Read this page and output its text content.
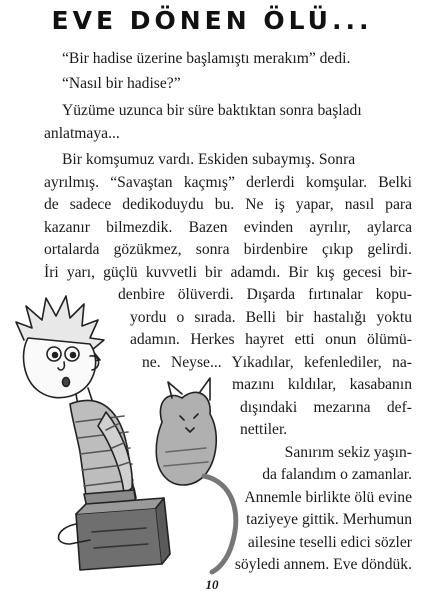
EVE DÖNEN ÖLÜ...

“Bir hadise üzerine başlamıştı merakım” dedi.

“Nasıl bir hadise?”

Yüzüme uzunca bir süre baktıktan sonra başladı
anlatmaya...
Bir komşumuz vardı. Eskiden subaymış. Sonra
ayrılmış. “Savaştan kaçmış” derlerdi komşular. Belki
de sadece dedikoduydu bu. Ne iş yapar, nasıl para
kazanır bilmezdik. Bazen evinden ayrılır, aylarca
ortalarda gözükmez, sonra birdenbire çıkıp gelirdi.
İri yarı, güçlü kuvvetli bir adamdı. Bir kış gecesi bir-
denbire ölüverdi. Dışarda fırtınalar kopu-
yordu o sırada. Belli bir hastalığı yoktu
adamın. Herkes hayret etti onun ölümü-
ne. Neyse... Yıkadılar, kefenlediler, na-
mazını kıldılar, kasabanın
dışındaki mezarına def-
nettiler.
Sanırım sekiz yaşın-
da falandım o zamanlar.
Annemle birlikte ölü evine
taziyeye gittik. Merhumun
ailesine teselli edici sözler
söyledi annem. Eve döndük.
10
